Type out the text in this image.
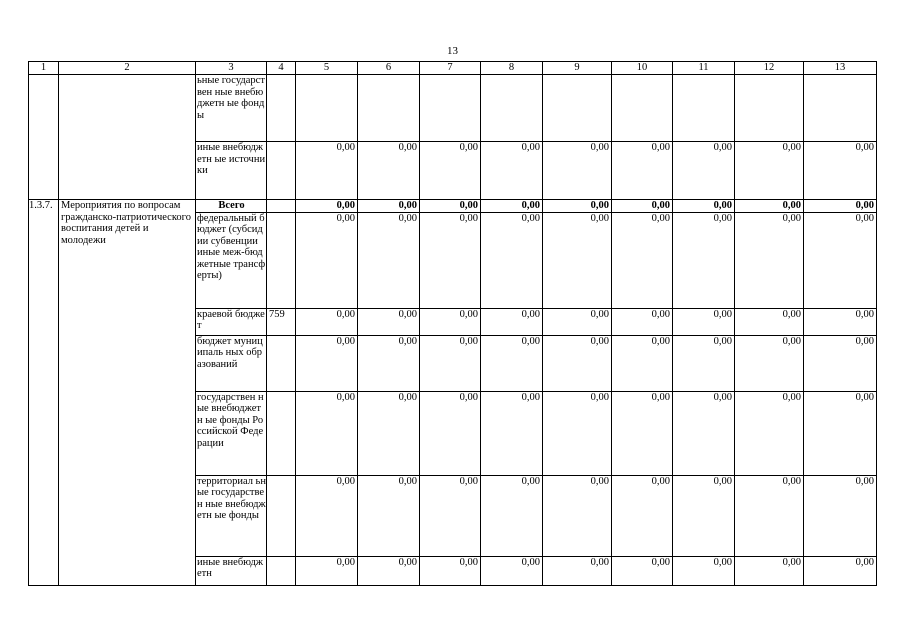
13
1	2	3	4	5	6	7	8	9	10	11	12	13
		ьные государствен ные внебюджетн ые фонды										
		иные внебюджетн ые источники		0,00	0,00	0,00	0,00	0,00	0,00	0,00	0,00	0,00
1.3.7.	Мероприятия по вопросам гражданско-патриотического воспитания детей и молодежи	Всего		0,00	0,00	0,00	0,00	0,00	0,00	0,00	0,00	0,00
		федеральный бюджет (субсидии субвенции иные меж-бюджетные трансферты)		0,00	0,00	0,00	0,00	0,00	0,00	0,00	0,00	0,00
		краевой бюджет	759	0,00	0,00	0,00	0,00	0,00	0,00	0,00	0,00	0,00
		бюджет муниципаль ных образований		0,00	0,00	0,00	0,00	0,00	0,00	0,00	0,00	0,00
		государствен ные внебюджетн ые фонды Российской Федерации		0,00	0,00	0,00	0,00	0,00	0,00	0,00	0,00	0,00
		территориал ьные государствен ные внебюджетн ые фонды		0,00	0,00	0,00	0,00	0,00	0,00	0,00	0,00	0,00
		иные внебюджетн		0,00	0,00	0,00	0,00	0,00	0,00	0,00	0,00	0,00
